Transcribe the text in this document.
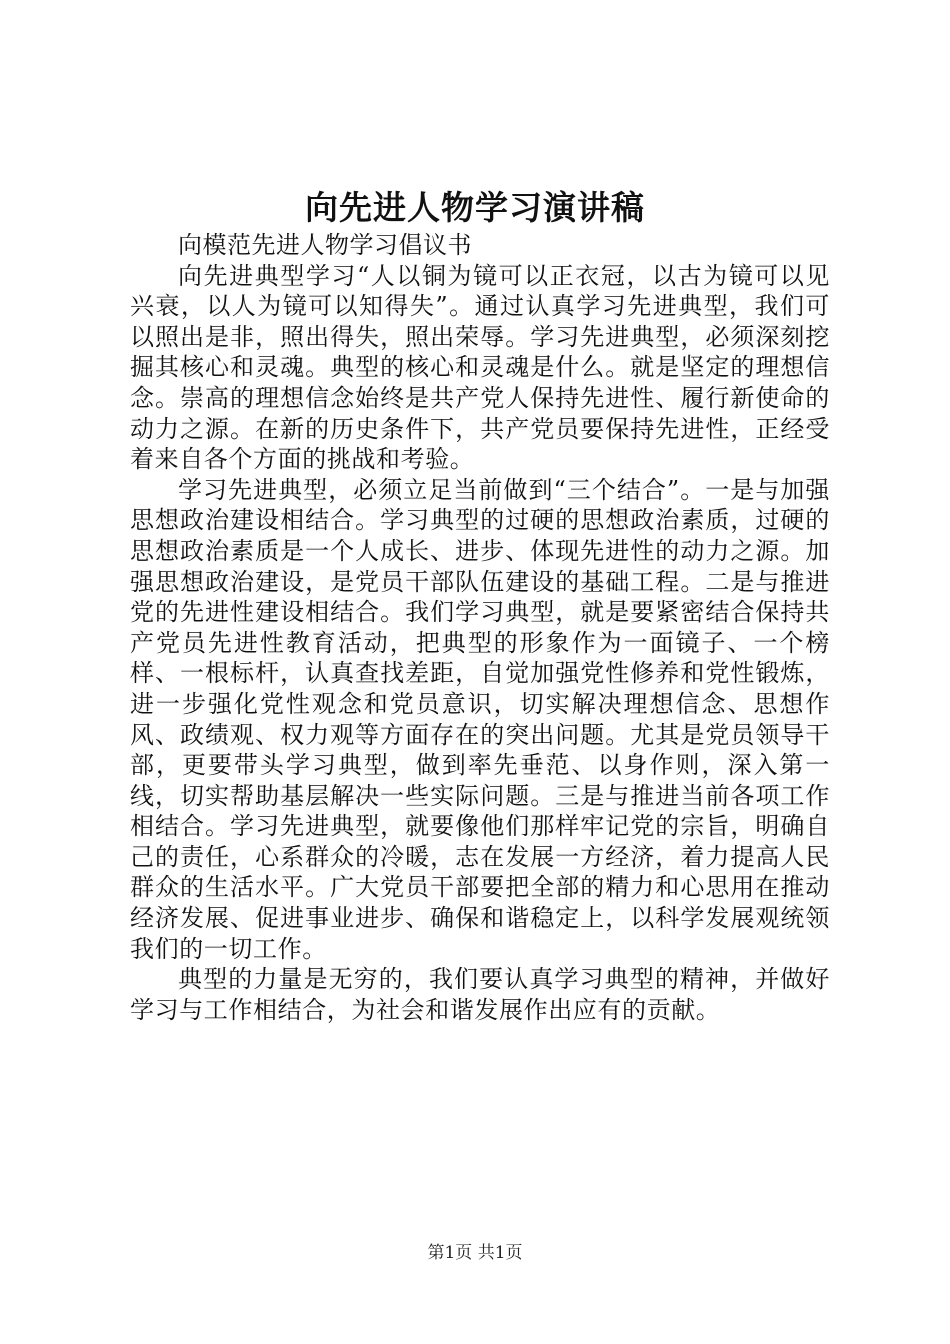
向先进人物学习演讲稿

向模范先进人物学习倡议书

向先进典型学习“人以铜为镜可以正衣冠，以古为镜可以见兴衰，以人为镜可以知得失”。通过认真学习先进典型，我们可以照出是非，照出得失，照出荣辱。学习先进典型，必须深刻挖掘其核心和灵魂。典型的核心和灵魂是什么。就是坚定的理想信念。崇高的理想信念始终是共产党人保持先进性、履行新使命的动力之源。在新的历史条件下，共产党员要保持先进性，正经受着来自各个方面的挑战和考验。

学习先进典型，必须立足当前做到“三个结合”。一是与加强思想政治建设相结合。学习典型的过硬的思想政治素质，过硬的思想政治素质是一个人成长、进步、体现先进性的动力之源。加强思想政治建设，是党员干部队伍建设的基础工程。二是与推进党的先进性建设相结合。我们学习典型，就是要紧密结合保持共产党员先进性教育活动，把典型的形象作为一面镜子、一个榜样、一根标杆，认真查找差距，自觉加强党性修养和党性锻炼，进一步强化党性观念和党员意识，切实解决理想信念、思想作风、政绩观、权力观等方面存在的突出问题。尤其是党员领导干部，更要带头学习典型，做到率先垂范、以身作则，深入第一线，切实帮助基层解决一些实际问题。三是与推进当前各项工作相结合。学习先进典型，就要像他们那样牢记党的宗旨，明确自己的责任，心系群众的冷暖，志在发展一方经济，着力提高人民群众的生活水平。广大党员干部要把全部的精力和心思用在推动经济发展、促进事业进步、确保和谐稳定上，以科学发展观统领我们的一切工作。

典型的力量是无穷的，我们要认真学习典型的精神，并做好学习与工作相结合，为社会和谐发展作出应有的贡献。

第1页 共1页
